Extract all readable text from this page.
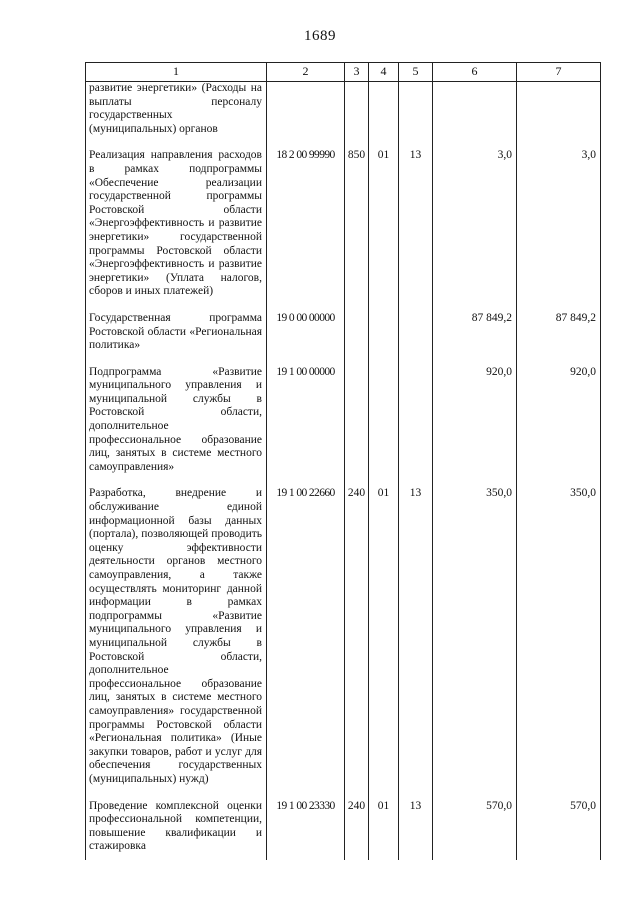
1689
1	2	3	4	5	6	7
развитие энергетики» (Расходы на выплаты персоналу государственных (муниципальных) органов						
Реализация направления расходов в рамках подпрограммы «Обеспечение реализации государственной программы Ростовской области «Энергоэффективность и развитие энергетики» государственной программы Ростовской области «Энергоэффективность и развитие энергетики» (Уплата налогов, сборов и иных платежей)	18 2 00 99990	850	01	13	3,0	3,0
Государственная программа Ростовской области «Региональная политика»	19 0 00 00000				87 849,2	87 849,2
Подпрограмма «Развитие муниципального управления и муниципальной службы в Ростовской области, дополнительное профессиональное образование лиц, занятых в системе местного самоуправления»	19 1 00 00000				920,0	920,0
Разработка, внедрение и обслуживание единой информационной базы данных (портала), позволяющей проводить оценку эффективности деятельности органов местного самоуправления, а также осуществлять мониторинг данной информации в рамках подпрограммы «Развитие муниципального управления и муниципальной службы в Ростовской области, дополнительное профессиональное образование лиц, занятых в системе местного самоуправления» государственной программы Ростовской области «Региональная политика» (Иные закупки товаров, работ и услуг для обеспечения государственных (муниципальных) нужд)	19 1 00 22660	240	01	13	350,0	350,0
Проведение комплексной оценки профессиональной компетенции, повышение квалификации и стажировка	19 1 00 23330	240	01	13	570,0	570,0
